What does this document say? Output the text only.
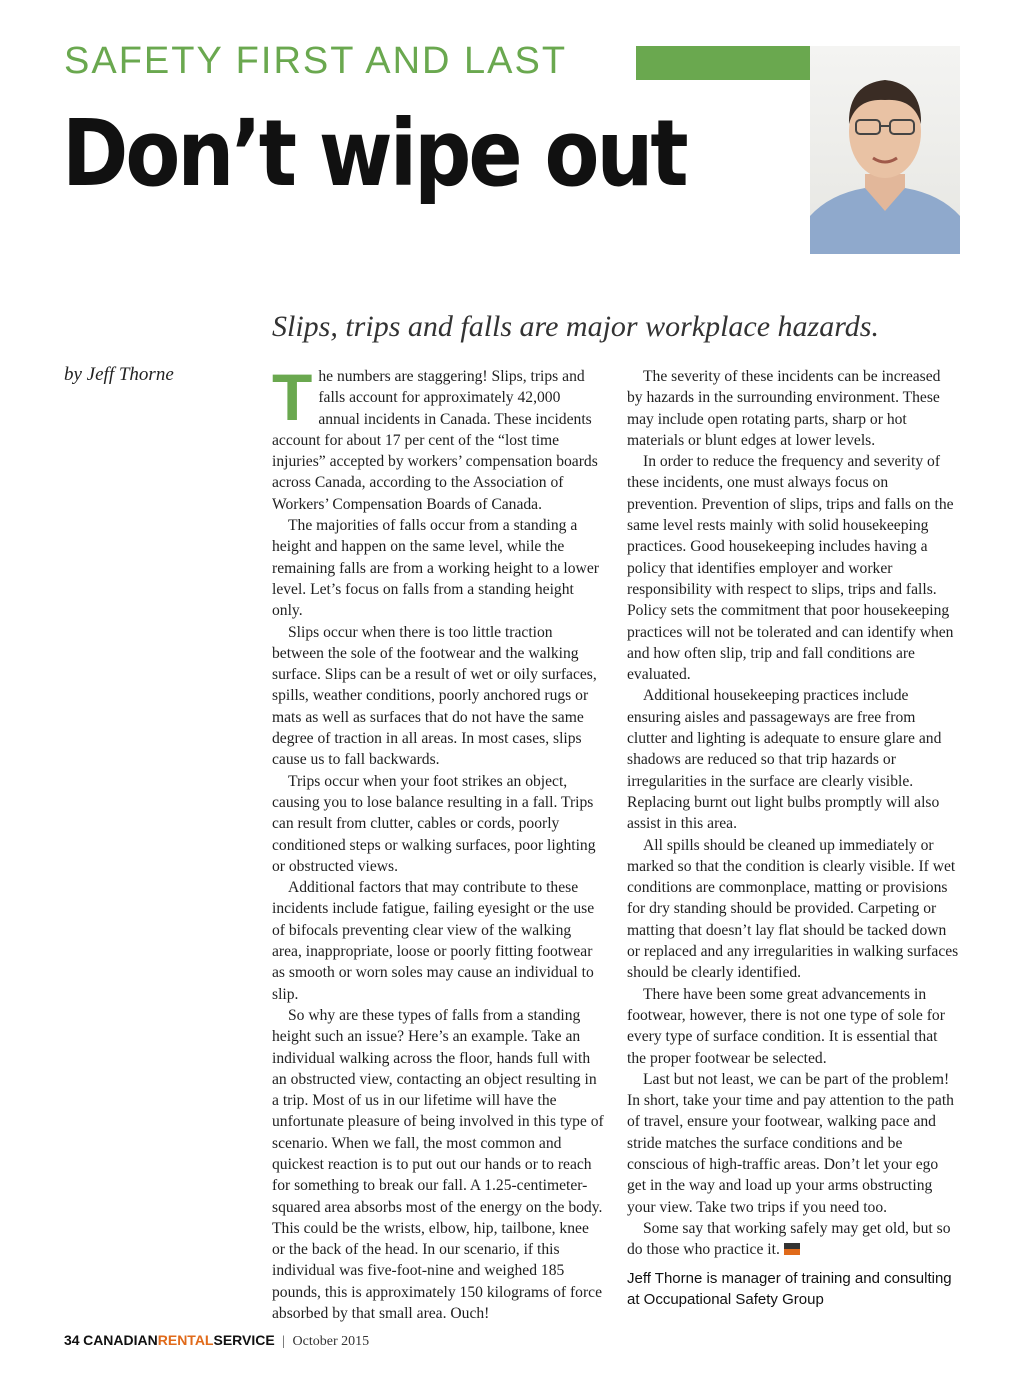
SAFETY FIRST AND LAST
Don’t wipe out
Slips, trips and falls are major workplace hazards.
by Jeff Thorne The numbers are staggering! Slips, trips and falls account for approximately 42,000 annual incidents in Canada. These incidents account for about 17 per cent of the “lost time injuries” accepted by workers’ compensation boards across Canada, according to the Association of Workers’ Compensation Boards of Canada.

The majorities of falls occur from a standing a height and happen on the same level, while the remaining falls are from a working height to a lower level. Let’s focus on falls from a standing height only.

Slips occur when there is too little traction between the sole of the footwear and the walking surface. Slips can be a result of wet or oily surfaces, spills, weather conditions, poorly anchored rugs or mats as well as surfaces that do not have the same degree of traction in all areas. In most cases, slips cause us to fall backwards.

Trips occur when your foot strikes an object, causing you to lose balance resulting in a fall. Trips can result from clutter, cables or cords, poorly conditioned steps or walking surfaces, poor lighting or obstructed views.

Additional factors that may contribute to these incidents include fatigue, failing eyesight or the use of bifocals preventing clear view of the walking area, inappropriate, loose or poorly fitting footwear as smooth or worn soles may cause an individual to slip.

So why are these types of falls from a standing height such an issue? Here’s an example. Take an individual walking across the floor, hands full with an obstructed view, contacting an object resulting in a trip. Most of us in our lifetime will have the unfortunate pleasure of being involved in this type of scenario. When we fall, the most common and quickest reaction is to put out our hands or to reach for something to break our fall. A 1.25-centimeter-squared area absorbs most of the energy on the body. This could be the wrists, elbow, hip, tailbone, knee or the back of the head. In our scenario, if this individual was five-foot-nine and weighed 185 pounds, this is approximately 150 kilograms of force absorbed by that small area. Ouch!

The severity of these incidents can be increased by hazards in the surrounding environment. These may include open rotating parts, sharp or hot materials or blunt edges at lower levels.

In order to reduce the frequency and severity of these incidents, one must always focus on prevention. Prevention of slips, trips and falls on the same level rests mainly with solid housekeeping practices. Good housekeeping includes having a policy that identifies employer and worker responsibility with respect to slips, trips and falls. Policy sets the commitment that poor housekeeping practices will not be tolerated and can identify when and how often slip, trip and fall conditions are evaluated.

Additional housekeeping practices include ensuring aisles and passageways are free from clutter and lighting is adequate to ensure glare and shadows are reduced so that trip hazards or irregularities in the surface are clearly visible. Replacing burnt out light bulbs promptly will also assist in this area.

All spills should be cleaned up immediately or marked so that the condition is clearly visible. If wet conditions are commonplace, matting or provisions for dry standing should be provided. Carpeting or matting that doesn’t lay flat should be tacked down or replaced and any irregularities in walking surfaces should be clearly identified.

There have been some great advancements in footwear, however, there is not one type of sole for every type of surface condition. It is essential that the proper footwear be selected.

Last but not least, we can be part of the problem! In short, take your time and pay attention to the path of travel, ensure your footwear, walking pace and stride matches the surface conditions and be conscious of high-traffic areas. Don’t let your ego get in the way and load up your arms obstructing your view. Take two trips if you need too.

Some say that working safely may get old, but so do those who practice it.

Jeff Thorne is manager of training and consulting at Occupational Safety Group
34 CANADIANRENTALSERVICE | October 2015
